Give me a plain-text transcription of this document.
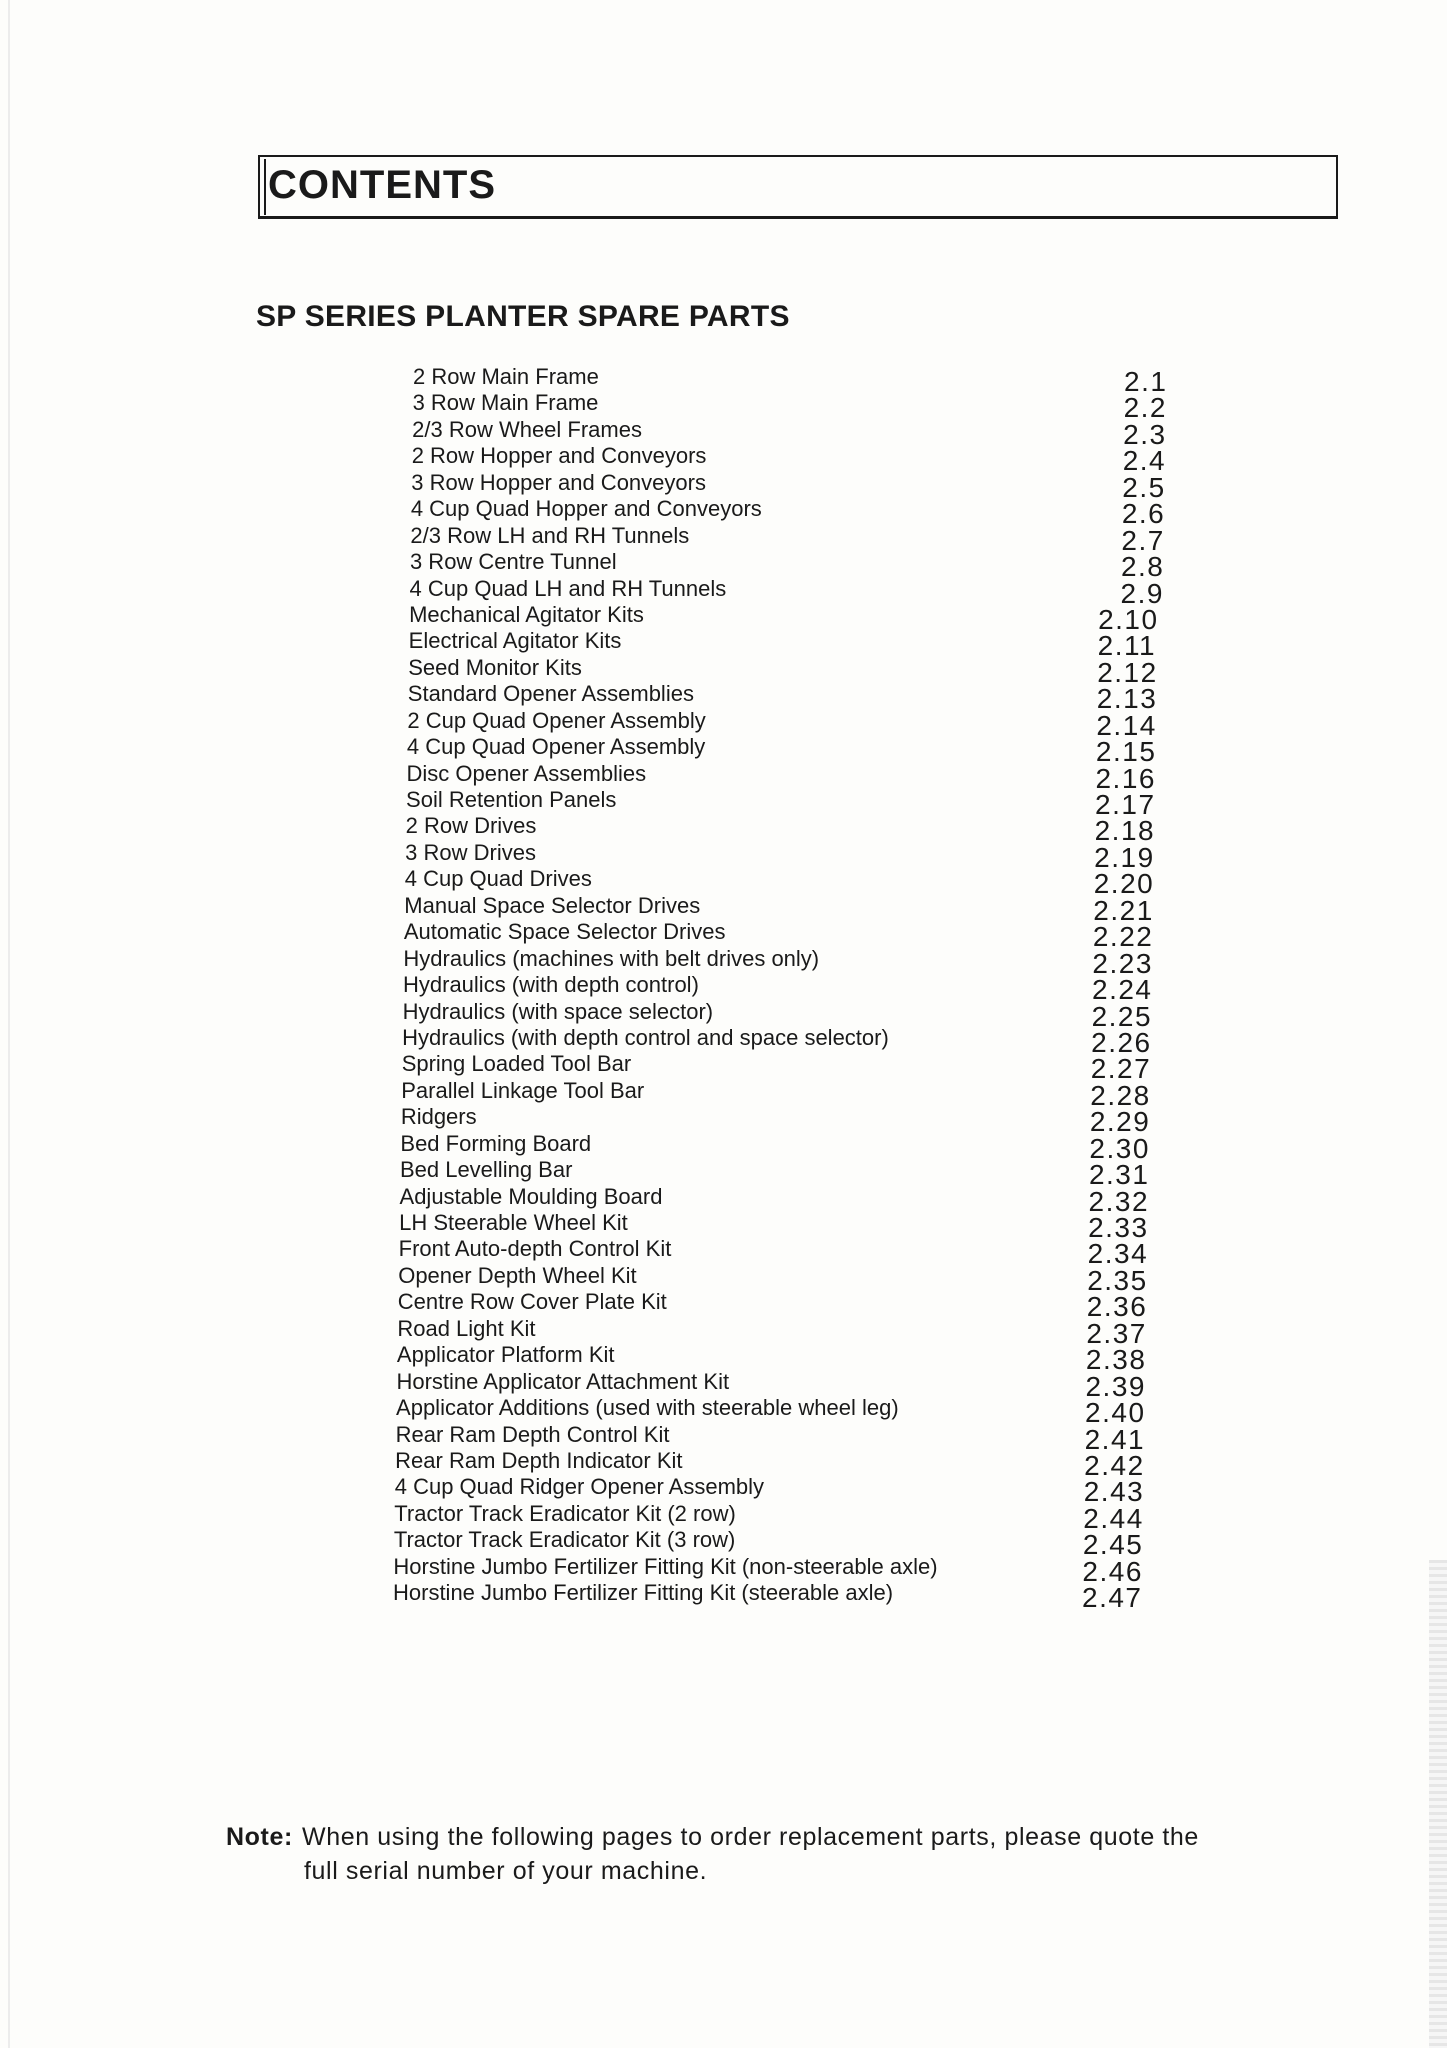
CONTENTS
SP SERIES PLANTER SPARE PARTS
2 Row Main Frame	2.1
3 Row Main Frame	2.2
2/3 Row Wheel Frames	2.3
2 Row Hopper and Conveyors	2.4
3 Row Hopper and Conveyors	2.5
4 Cup Quad Hopper and Conveyors	2.6
2/3 Row LH and RH Tunnels	2.7
3 Row Centre Tunnel	2.8
4 Cup Quad LH and RH Tunnels	2.9
Mechanical Agitator Kits	2.10
Electrical Agitator Kits	2.11
Seed Monitor Kits	2.12
Standard Opener Assemblies	2.13
2 Cup Quad Opener Assembly	2.14
4 Cup Quad Opener Assembly	2.15
Disc Opener Assemblies	2.16
Soil Retention Panels	2.17
2 Row Drives	2.18
3 Row Drives	2.19
4 Cup Quad Drives	2.20
Manual Space Selector Drives	2.21
Automatic Space Selector Drives	2.22
Hydraulics (machines with belt drives only)	2.23
Hydraulics (with depth control)	2.24
Hydraulics (with space selector)	2.25
Hydraulics (with depth control and space selector)	2.26
Spring Loaded Tool Bar	2.27
Parallel Linkage Tool Bar	2.28
Ridgers	2.29
Bed Forming Board	2.30
Bed Levelling Bar	2.31
Adjustable Moulding Board	2.32
LH Steerable Wheel Kit	2.33
Front Auto-depth Control Kit	2.34
Opener Depth Wheel Kit	2.35
Centre Row Cover Plate Kit	2.36
Road Light Kit	2.37
Applicator Platform Kit	2.38
Horstine Applicator Attachment Kit	2.39
Applicator Additions (used with steerable wheel leg)	2.40
Rear Ram Depth Control Kit	2.41
Rear Ram Depth Indicator Kit	2.42
4 Cup Quad Ridger Opener Assembly	2.43
Tractor Track Eradicator Kit (2 row)	2.44
Tractor Track Eradicator Kit (3 row)	2.45
Horstine Jumbo Fertilizer Fitting Kit (non-steerable axle)	2.46
Horstine Jumbo Fertilizer Fitting Kit (steerable axle)	2.47
Note: When using the following pages to order replacement parts, please quote the
full serial number of your machine.
